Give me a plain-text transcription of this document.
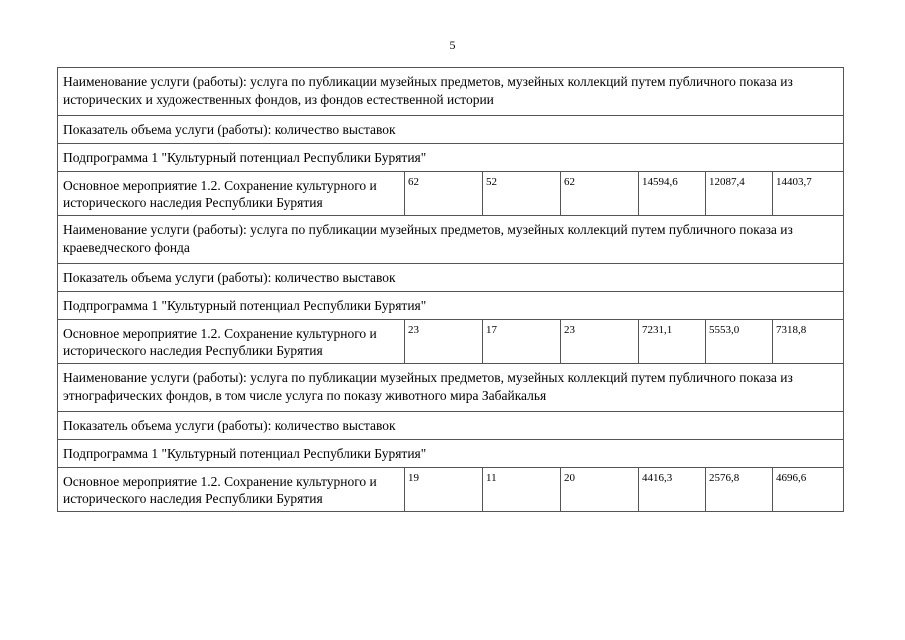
5
Наименование услуги (работы): услуга по публикации музейных предметов, музейных коллекций путем публичного показа из исторических и художественных фондов, из фондов естественной истории						
Показатель объема услуги (работы): количество выставок						
Подпрограмма 1 "Культурный потенциал Республики Бурятия"						
Основное мероприятие 1.2. Сохранение культурного и исторического наследия Республики Бурятия	62	52	62	14594,6	12087,4	14403,7
Наименование услуги (работы): услуга по публикации музейных предметов, музейных коллекций путем публичного показа из краеведческого фонда						
Показатель объема услуги (работы): количество выставок						
Подпрограмма 1 "Культурный потенциал Республики Бурятия"						
Основное мероприятие 1.2. Сохранение культурного и исторического наследия Республики Бурятия	23	17	23	7231,1	5553,0	7318,8
Наименование услуги (работы): услуга по публикации музейных предметов, музейных коллекций путем публичного показа из этнографических фондов, в том числе услуга по показу животного мира Забайкалья						
Показатель объема услуги (работы): количество выставок						
Подпрограмма 1 "Культурный потенциал Республики Бурятия"						
Основное мероприятие 1.2. Сохранение культурного и исторического наследия Республики Бурятия	19	11	20	4416,3	2576,8	4696,6
